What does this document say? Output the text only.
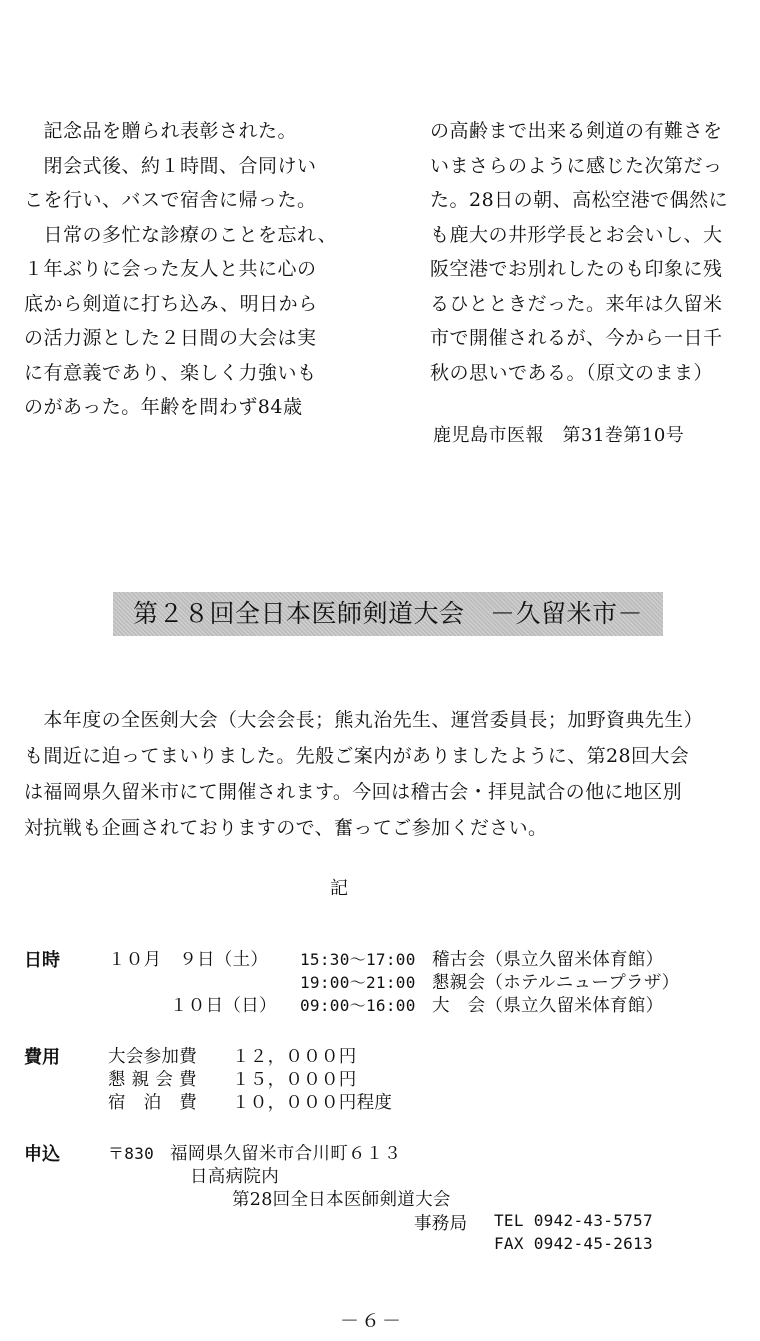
　記念品を贈られ表彰された。

　閉会式後、約１時間、合同けい

こを行い、バスで宿舎に帰った。

　日常の多忙な診療のことを忘れ、

１年ぶりに会った友人と共に心の

底から剣道に打ち込み、明日から

の活力源とした２日間の大会は実

に有意義であり、楽しく力強いも

のがあった。年齢を問わず84歳

の高齢まで出来る剣道の有難さを

いまさらのように感じた次第だっ

た。28日の朝、高松空港で偶然に

も鹿大の井形学長とお会いし、大

阪空港でお別れしたのも印象に残

るひとときだった。来年は久留米

市で開催されるが、今から一日千

秋の思いである。（原文のまま）

鹿児島市医報　第31巻第10号
第２８回全日本医師剣道大会　－久留米市－

　本年度の全医剣大会（大会会長；熊丸治先生、運営委員長；加野資典先生）

も間近に迫ってまいりました。先般ご案内がありましたように、第28回大会

は福岡県久留米市にて開催されます。今回は稽古会・拝見試合の他に地区別

対抗戦も企画されておりますので、奮ってご参加ください。

記
日時	１０月　９日（土） 15:30～17:00 稽古会（県立久留米体育館）
19:00～21:00 懇親会（ホテルニュープラザ）
１０日（日） 09:00～16:00 大　会（県立久留米体育館）
費用	大会参加費 １２，０００円
懇 親 会 費 １５，０００円
宿　泊　費 １０，０００円程度
申込	〒830 福岡県久留米市合川町６１３
日高病院内
第28回全日本医師剣道大会
事務局 TEL 0942-43-5757
FAX 0942-45-2613
－６－
